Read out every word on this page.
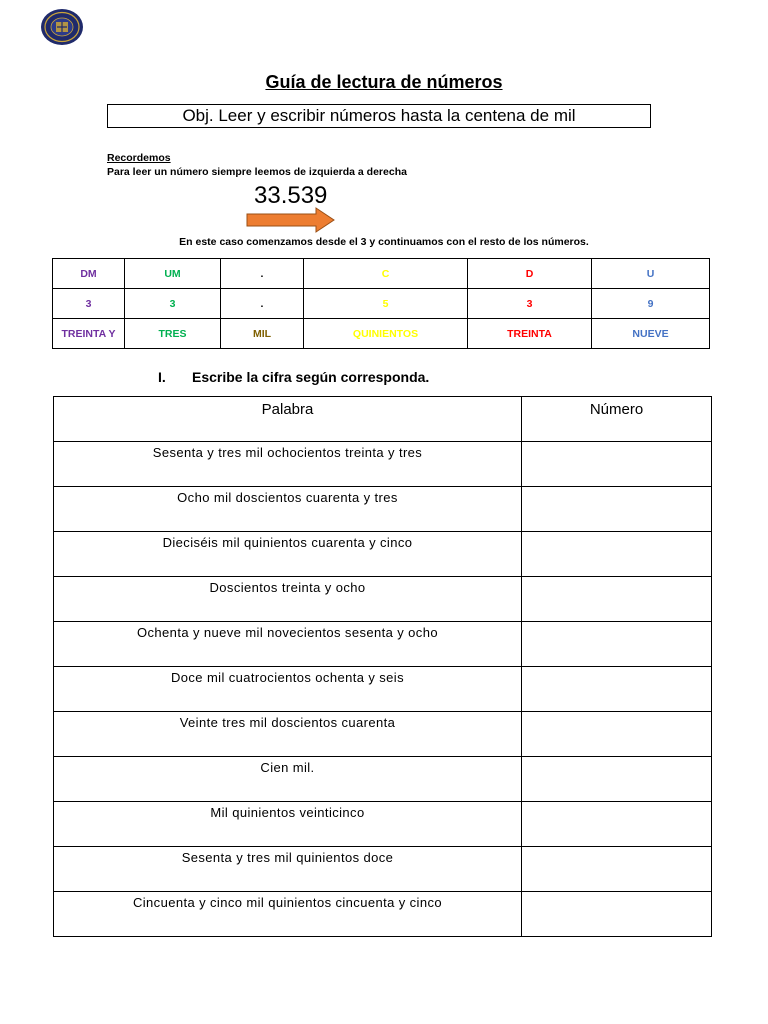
Guía de lectura de números
Obj. Leer y escribir números hasta la centena de mil
Recordemos
Para leer un número siempre leemos de izquierda a derecha
33.539
En este caso comenzamos desde el 3 y continuamos con el resto de los números.
DM	UM	.	C	D	U
3	3	.	5	3	9
TREINTA Y	TRES	MIL	QUINIENTOS	TREINTA	NUEVE
I. Escribe la cifra según corresponda.
Palabra	Número
Sesenta y tres mil ochocientos treinta y tres	
Ocho mil doscientos cuarenta y tres	
Dieciséis mil quinientos cuarenta y cinco	
Doscientos treinta y ocho	
Ochenta y nueve mil novecientos sesenta y ocho	
Doce mil cuatrocientos ochenta y seis	
Veinte tres mil doscientos cuarenta	
Cien mil.	
Mil quinientos veinticinco	
Sesenta y tres mil quinientos doce	
Cincuenta y cinco mil quinientos cincuenta y cinco	
